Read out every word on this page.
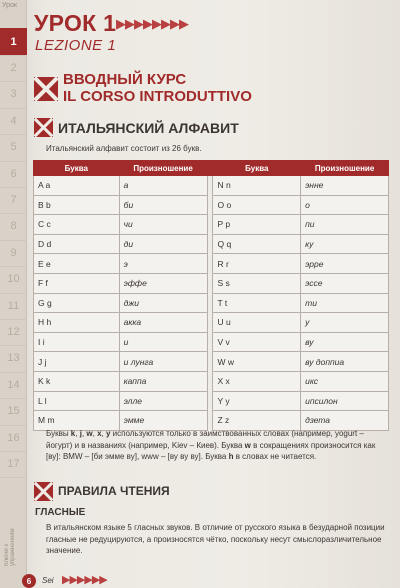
Урок
1
2
3
4
5
6
7
8
9
10
11
12
13
14
15
16
17
Ключи к упражнениям
УРОК 1 ▶▶▶▶▶▶▶▶
LEZIONE 1
ВВОДНЫЙ КУРС
IL CORSO INTRODUTTIVO
ИТАЛЬЯНСКИЙ АЛФАВИТ
Итальянский алфавит состоит из 26 букв.
Буква	Произношение		Буква	Произношение
A a	а		N n	энне
B b	би		O o	о
C c	чи		P p	пи
D d	ди		Q q	ку
E e	э		R r	эрре
F f	эффе		S s	эссе
G g	джи		T t	ти
H h	акка		U u	у
I i	и		V v	ву
J j	и лунга		W w	ву доппиа
K k	каппа		X x	икс
L l	элле		Y y	ипсилон
M m	эмме		Z z	дзета
Буквы k, j, w, x, y используются только в заимствованных словах (например, yogurt – йогурт) и в названиях (например, Kiev – Киев). Буква w в сокращениях произносится как [ву]: BMW – [би эмме ву], www – [ву ву ву]. Буква h в словах не читается.
ПРАВИЛА ЧТЕНИЯ
ГЛАСНЫЕ
В итальянском языке 5 гласных звуков. В отличие от русского языка в безударной позиции гласные не редуцируются, а произносятся чётко, поскольку несут смыслоразличительное значение.
6	Sei ▶▶▶▶▶▶
